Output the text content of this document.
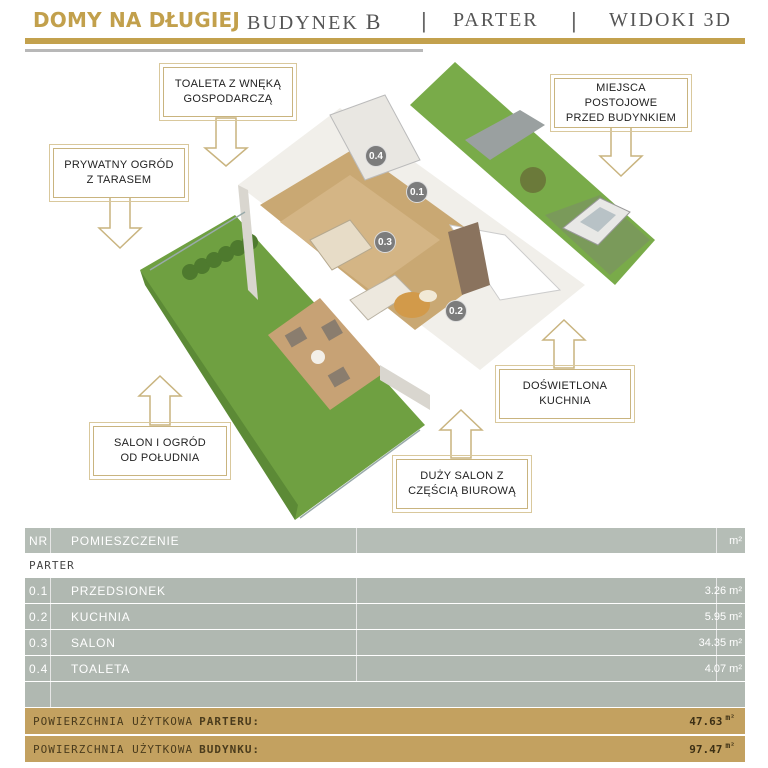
DOMY NA DŁUGIEJ BUDYNEK B | PARTER | WIDOKI 3D
TOALETA Z WNĘKĄ
GOSPODARCZĄ
PRYWATNY OGRÓD
Z TARASEM
MIEJSCA POSTOJOWE
PRZED BUDYNKIEM
SALON I OGRÓD
OD POŁUDNIA
DUŻY SALON Z
CZĘŚCIĄ BIUROWĄ
DOŚWIETLONA
KUCHNIA
0.4
0.1
0.3
0.2
NR	POMIESZCZENIE	m²
PARTER
0.1	PRZEDSIONEK	3.26 m²
0.2	KUCHNIA	5.95 m²
0.3	SALON	34.35 m²
0.4	TOALETA	4.07 m²
POWIERZCHNIA UŻYTKOWA PARTERU:	47.63 $^{m^2}$
POWIERZCHNIA UŻYTKOWA BUDYNKU:	97.47 $^{m^2}$
